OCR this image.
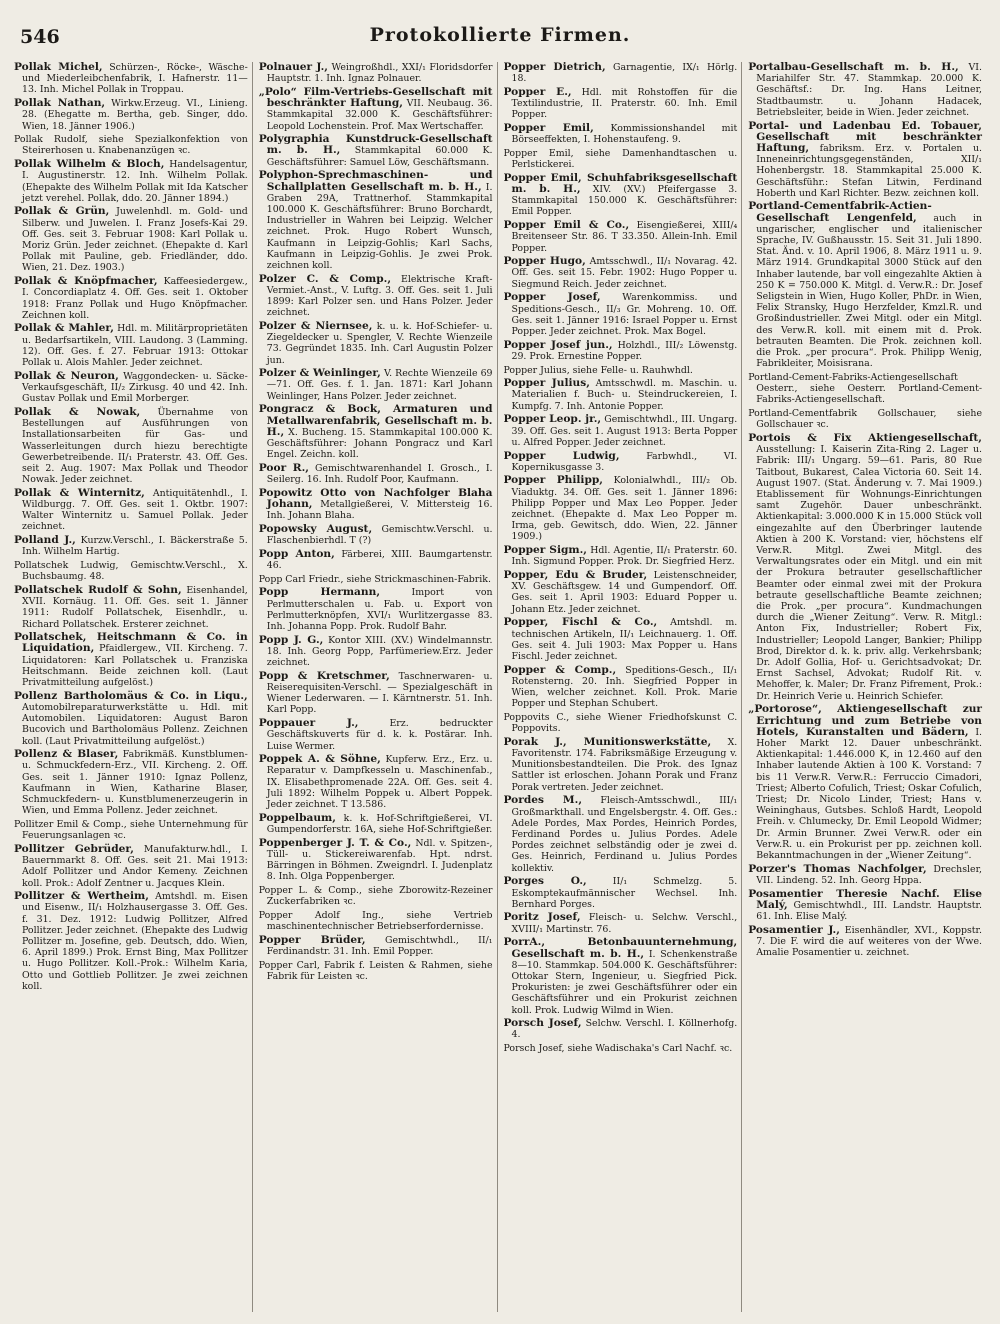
546	Protokollierte Firmen.

Pollak Michel, Schürzen-, Röcke-, Wäsche- und Miederleibchenfabrik, I. Hafnerstr. 11—13. Inh. Michel Pollak in Troppau.

Pollak Nathan, Wirkw.Erzeug. VI., Linieng. 28. (Ehegatte m. Bertha, geb. Singer, ddo. Wien, 18. Jänner 1906.)

Pollak Rudolf, siehe Spezialkonfektion von Steirerhosen u. Knabenanzügen ꝛc.

Pollak Wilhelm & Bloch, Handelsagentur, I. Augustinerstr. 12. Inh. Wilhelm Pollak. (Ehepakte des Wilhelm Pollak mit Ida Katscher jetzt verehel. Pollak, ddo. 20. Jänner 1894.)

Pollak & Grün, Juwelenhdl. m. Gold- und Silberw. und Juwelen. I. Franz Josefs-Kai 29. Off. Ges. seit 3. Februar 1908: Karl Pollak u. Moriz Grün. Jeder zeichnet. (Ehepakte d. Karl Pollak mit Pauline, geb. Friedländer, ddo. Wien, 21. Dez. 1903.)

Pollak & Knöpfmacher, Kaffeesiedergew., I. Concordiaplatz 4. Off. Ges. seit 1. Oktober 1918: Franz Pollak und Hugo Knöpfmacher. Zeichnen koll.

Pollak & Mahler, Hdl. m. Militärproprietäten u. Bedarfsartikeln, VIII. Laudong. 3 (Lamming. 12). Off. Ges. f. 27. Februar 1913: Ottokar Pollak u. Alois Mahler. Jeder zeichnet.

Pollak & Neuron, Waggondecken- u. Säcke-Verkaufsgeschäft, II/₂ Zirkusg. 40 und 42. Inh. Gustav Pollak und Emil Morberger.

Pollak & Nowak, Übernahme von Bestellungen auf Ausführungen von Installationsarbeiten für Gas- und Wasserleitungen durch hiezu berechtigte Gewerbetreibende. II/₁ Praterstr. 43. Off. Ges. seit 2. Aug. 1907: Max Pollak und Theodor Nowak. Jeder zeichnet.

Pollak & Winternitz, Antiquitätenhdl., I. Wildburgg. 7. Off. Ges. seit 1. Oktbr. 1907: Walter Winternitz u. Samuel Pollak. Jeder zeichnet.

Polland J., Kurzw.Verschl., I. Bäckerstraße 5. Inh. Wilhelm Hartig.

Pollatschek Ludwig, Gemischtw.Verschl., X. Buchsbaumg. 48.

Pollatschek Rudolf & Sohn, Eisenhandel, XVII. Kornäug. 11. Off. Ges. seit 1. Jänner 1911: Rudolf Pollatschek, Eisenhdlr., u. Richard Pollatschek. Ersterer zeichnet.

Pollatschek, Heitschmann & Co. in Liquidation, Pfaidlergew., VII. Kircheng. 7. Liquidatoren: Karl Pollatschek u. Franziska Heitschmann. Beide zeichnen koll. (Laut Privatmitteilung aufgelöst.)

Pollenz Bartholomäus & Co. in Liqu., Automobilreparaturwerkstätte u. Hdl. mit Automobilen. Liquidatoren: August Baron Bucovich und Bartholomäus Pollenz. Zeichnen koll. (Laut Privatmitteilung aufgelöst.)

Pollenz & Blaser, Fabrikmäß. Kunstblumen- u. Schmuckfedern-Erz., VII. Kircheng. 2. Off. Ges. seit 1. Jänner 1910: Ignaz Pollenz, Kaufmann in Wien, Katharine Blaser, Schmuckfedern- u. Kunstblumenerzeugerin in Wien, und Emma Pollenz. Jeder zeichnet.

Pollitzer Emil & Comp., siehe Unternehmung für Feuerungsanlagen ꝛc.

Pollitzer Gebrüder, Manufakturw.hdl., I. Bauernmarkt 8. Off. Ges. seit 21. Mai 1913: Adolf Pollitzer und Andor Kemeny. Zeichnen koll. Prok.: Adolf Zentner u. Jacques Klein.

Pollitzer & Wertheim, Amtshdl. m. Eisen und Eisenw., II/₁ Holzhausergasse 3. Off. Ges. f. 31. Dez. 1912: Ludwig Pollitzer, Alfred Pollitzer. Jeder zeichnet. (Ehepakte des Ludwig Pollitzer m. Josefine, geb. Deutsch, ddo. Wien, 6. April 1899.) Prok. Ernst Bing, Max Pollitzer u. Hugo Pollitzer. Koll.-Prok.: Wilhelm Karia, Otto und Gottlieb Pollitzer. Je zwei zeichnen koll.

Polnauer J., Weingroßhdl., XXI/₁ Floridsdorfer Hauptstr. 1. Inh. Ignaz Polnauer.

„Polo“ Film-Vertriebs-Gesellschaft mit beschränkter Haftung, VII. Neubaug. 36. Stammkapital 32.000 K. Geschäftsführer: Leopold Lochenstein. Prof. Max Wertschaffer.

Polygraphia Kunstdruck-Gesellschaft m. b. H., Stammkapital 60.000 K. Geschäftsführer: Samuel Löw, Geschäftsmann.

Polyphon-Sprechmaschinen- und Schallplatten Gesellschaft m. b. H., I. Graben 29A, Trattnerhof. Stammkapital 100.000 K. Geschäftsführer: Bruno Borchardt, Industrieller in Wahren bei Leipzig. Welcher zeichnet. Prok. Hugo Robert Wunsch, Kaufmann in Leipzig-Gohlis; Karl Sachs, Kaufmann in Leipzig-Gohlis. Je zwei Prok. zeichnen koll.

Polzer C. & Comp., Elektrische Kraft-Vermiet.-Anst., V. Luftg. 3. Off. Ges. seit 1. Juli 1899: Karl Polzer sen. und Hans Polzer. Jeder zeichnet.

Polzer & Niernsee, k. u. k. Hof-Schiefer- u. Ziegeldecker u. Spengler, V. Rechte Wienzeile 73. Gegründet 1835. Inh. Carl Augustin Polzer jun.

Polzer & Weinlinger, V. Rechte Wienzeile 69—71. Off. Ges. f. 1. Jan. 1871: Karl Johann Weinlinger, Hans Polzer. Jeder zeichnet.

Pongracz & Bock, Armaturen und Metallwarenfabrik, Gesellschaft m. b. H., X. Bucheng. 15. Stammkapital 100.000 K. Geschäftsführer: Johann Pongracz und Karl Engel. Zeichn. koll.

Poor R., Gemischtwarenhandel I. Grosch., I. Seilerg. 16. Inh. Rudolf Poor, Kaufmann.

Popowitz Otto von Nachfolger Blaha Johann, Metallgießerei, V. Mittersteig 16. Inh. Johann Blaha.

Popowsky August, Gemischtw.Verschl. u. Flaschenbierhdl. T (?)

Popp Anton, Färberei, XIII. Baumgartenstr. 46.

Popp Carl Friedr., siehe Strickmaschinen-Fabrik.

Popp Hermann,	Import von Perlmutterschalen u. Fab. u. Export von Perlmutterknöpfen, XVI/₁ Wurlitzergasse 83. Inh. Johanna Popp. Prok. Rudolf Bahr.

Popp J. G., Kontor XIII. (XV.) Windelmannstr. 18. Inh. Georg Popp, Parfümeriew.Erz. Jeder zeichnet.

Popp & Kretschmer, Taschnerwaren- u. Reiserequisiten-Verschl. — Spezialgeschäft in Wiener Lederwaren. — I. Kärntnerstr. 51. Inh. Karl Popp.

Poppauer J.,	Erz. bedruckter Geschäftskuverts für d. k. k. Postärar. Inh. Luise Wermer.

Poppek A. & Söhne, Kupferw. Erz., Erz. u. Reparatur v. Dampfkesseln u. Maschinenfab., IX. Elisabethpromenade 22A. Off. Ges. seit 4. Juli 1892: Wilhelm Poppek u. Albert Poppek. Jeder zeichnet. T 13.586.

Poppelbaum, k. k. Hof-Schriftgießerei, VI. Gumpendorferstr. 16A, siehe Hof-Schriftgießer.

Poppenberger J. T. & Co., Ndl. v. Spitzen-, Tüll- u. Stickereiwarenfab. Hpt. ndrst. Bärringen in Böhmen. Zweigndrl. I. Judenplatz 8. Inh. Olga Poppenberger.

Popper L. & Comp., siehe Zborowitz-Rezeiner Zuckerfabriken ꝛc.

Popper Adolf Ing., siehe Vertrieb maschinentechnischer Betriebserfordernisse.

Popper Brüder, Gemischtwhdl., II/₁ Ferdinandstr. 31. Inh. Emil Popper.

Popper Carl, Fabrik f. Leisten & Rahmen, siehe Fabrik für Leisten ꝛc.

Popper Dietrich, Garnagentie, IX/₁ Hörlg. 18.

Popper E., Hdl. mit Rohstoffen für die Textilindustrie, II. Praterstr. 60. Inh. Emil Popper.

Popper Emil, Kommissionshandel mit Börseeffekten, I. Hohenstaufeng. 9.

Popper Emil, siehe Damenhandtaschen u. Perlstickerei.

Popper Emil, Schuhfabriksgesellschaft m. b. H., XIV. (XV.) Pfeifergasse 3. Stammkapital 150.000 K. Geschäftsführer: Emil Popper.

Popper Emil & Co., Eisengießerei, XIII/₄ Breitenseer Str. 86. T 33.350. Allein-Inh. Emil Popper.

Popper Hugo, Amtsschwdl., II/₁ Novarag. 42. Off. Ges. seit 15. Febr. 1902: Hugo Popper u. Siegmund Reich. Jeder zeichnet.

Popper Josef, Warenkommiss. und Speditions-Gesch., II/₃ Gr. Mohreng. 10. Off. Ges. seit 1. Jänner 1916: Israel Popper u. Ernst Popper. Jeder zeichnet. Prok. Max Bogel.

Popper Josef jun., Holzhdl., III/₂ Löwenstg. 29. Prok. Ernestine Popper.

Popper Julius, siehe Felle- u. Rauhwhdl.

Popper Julius, Amtsschwdl. m. Maschin. u. Materialien f. Buch- u. Steindruckereien, I. Kumpfg. 7. Inh. Antonie Popper.

Popper Leop. jr., Gemischtwhdl., III. Ungarg. 39. Off. Ges. seit 1. August 1913: Berta Popper u. Alfred Popper. Jeder zeichnet.

Popper Ludwig,	Farbwhdl., VI. Kopernikusgasse 3.

Popper Philipp, Kolonialwhdl., III/₂ Ob. Viaduktg. 34. Off. Ges. seit 1. Jänner 1896: Philipp Popper und Max Leo Popper. Jeder zeichnet. (Ehepakte d. Max Leo Popper m. Irma, geb. Gewitsch, ddo. Wien, 22. Jänner 1909.)

Popper Sigm., Hdl. Agentie, II/₁ Praterstr. 60. Inh. Sigmund Popper. Prok. Dr. Siegfried Herz.

Popper, Edu & Bruder, Leistenschneider, XV. Geschäftsgew. 14 und Gumpendorf. Off. Ges. seit 1. April 1903: Eduard Popper u. Johann Etz. Jeder zeichnet.

Popper, Fischl & Co., Amtshdl. m. technischen Artikeln, II/₁ Leichnauerg. 1. Off. Ges. seit 4. Juli 1903: Max Popper u. Hans Fischl. Jeder zeichnet.

Popper & Comp., Speditions-Gesch., II/₁ Rotensterng. 20. Inh. Siegfried Popper in Wien, welcher zeichnet. Koll. Prok. Marie Popper und Stephan Schubert.

Poppovits C., siehe Wiener Friedhofskunst C. Poppovits.

Porak J., Munitionswerkstätte, X. Favoritenstr. 174. Fabriksmäßige Erzeugung v. Munitionsbestandteilen. Die Prok. des Ignaz Sattler ist erloschen. Johann Porak und Franz Porak vertreten. Jeder zeichnet.

Pordes M., Fleisch-Amtsschwdl., III/₁ Großmarkthall. und Engelsbergstr. 4. Off. Ges.: Adele Pordes, Max Pordes, Heinrich Pordes, Ferdinand Pordes u. Julius Pordes. Adele Pordes zeichnet selbständig oder je zwei d. Ges. Heinrich, Ferdinand u. Julius Pordes kollektiv.

Porges O.,	II/₁ Schmelzg. 5. Eskomptekaufmännischer Wechsel. Inh. Bernhard Porges.

Poritz Josef, Fleisch- u. Selchw. Verschl., XVIII/₁ Martinstr. 76.

PorrA., Betonbauunternehmung, Gesellschaft m. b. H., I. Schenkenstraße 8—10. Stammkap. 504.000 K. Geschäftsführer: Ottokar Stern, Ingenieur, u. Siegfried Pick. Prokuristen: je zwei Geschäftsführer oder ein Geschäftsführer und ein Prokurist zeichnen koll. Prok. Ludwig Wilmd in Wien.

Porsch Josef, Selchw. Verschl. I. Köllnerhofg. 4.

Porsch Josef, siehe Wadischaka's Carl Nachf. ꝛc.

Portalbau-Gesellschaft m. b. H., VI. Mariahilfer Str. 47. Stammkap. 20.000 K. Geschäftsf.: Dr. Ing. Hans Leitner, Stadtbaumstr. u. Johann Hadacek, Betriebsleiter, beide in Wien. Jeder zeichnet.

Portal- und Ladenbau Ed. Tobauer, Gesellschaft mit beschränkter Haftung, fabriksm. Erz. v. Portalen u. Inneneinrichtungsgegenständen, XII/₁ Hohenbergstr. 18. Stammkapital 25.000 K. Geschäftsführ.: Stefan Litwin, Ferdinand Hoberth und Karl Richter. Bezw. zeichnen koll.

Portland-Cementfabrik-Actien-Gesellschaft Lengenfeld, auch in ungarischer, englischer und italienischer Sprache, IV. Gußhausstr. 15. Seit 31. Juli 1890. Stat. Änd. v. 10. April 1906, 8. März 1911 u. 9. März 1914. Grundkapital 3000 Stück auf den Inhaber lautende, bar voll eingezahlte Aktien à 250 K = 750.000 K. Mitgl. d. Verw.R.: Dr. Josef Seligstein in Wien, Hugo Koller, PhDr. in Wien, Felix Stransky, Hugo Herzfelder, Kmzl.R. und Großindustrieller. Zwei Mitgl. oder ein Mitgl. des Verw.R. koll. mit einem mit d. Prok. betrauten Beamten. Die Prok. zeichnen koll. die Prok. „per procura“. Prok. Philipp Wenig, Fabrikleiter, Moisisrana.

Portland-Cement-Fabriks-Actiengesellschaft Oesterr., siehe Oesterr. Portland-Cement-Fabriks-Actiengesellschaft.

Portland-Cementfabrik Gollschauer, siehe Gollschauer ꝛc.

Portois & Fix Aktiengesellschaft, Ausstellung: I. Kaiserin Zita-Ring 2. Lager u. Fabrik: III/₁ Ungarg. 59—61. Paris, 80 Rue Taitbout, Bukarest, Calea Victoria 60. Seit 14. August 1907. (Stat. Änderung v. 7. Mai 1909.) Etablissement für Wohnungs-Einrichtungen samt Zugehör. Dauer unbeschränkt. Aktienkapital: 3.000.000 K in 15.000 Stück voll eingezahlte auf den Überbringer lautende Aktien à 200 K. Vorstand: vier, höchstens elf Verw.R. Mitgl. Zwei Mitgl. des Verwaltungsrates oder ein Mitgl. und ein mit der Prokura betrauter gesellschaftlicher Beamter oder einmal zwei mit der Prokura betraute gesellschaftliche Beamte zeichnen; die Prok. „per procura“. Kundmachungen durch die „Wiener Zeitung“. Verw. R. Mitgl.: Anton Fix, Industrieller; Robert Fix, Industrieller; Leopold Langer, Bankier; Philipp Brod, Direktor d. k. k. priv. allg. Verkehrsbank; Dr. Adolf Gollia, Hof- u. Gerichtsadvokat; Dr. Ernst Sachsel, Advokat; Rudolf Rit. v. Mehoffer, k. Maler; Dr. Franz Pifrement, Prok.: Dr. Heinrich Verie u. Heinrich Schiefer.

„Portorose“, Aktiengesellschaft zur Errichtung und zum Betriebe von Hotels, Kuranstalten und Bädern, I. Hoher Markt 12. Dauer unbeschränkt. Aktienkapital: 1.446.000 K, in 12.460 auf den Inhaber lautende Aktien à 100 K. Vorstand: 7 bis 11 Verw.R. Verw.R.: Ferruccio Cimadori, Triest; Alberto Cofulich, Triest; Oskar Cofulich, Triest; Dr. Nicolo Linder, Triest; Hans v. Weininghaus, Gutsbes. Schloß Hardt, Leopold Freih. v. Chlumecky, Dr. Emil Leopold Widmer; Dr. Armin Brunner. Zwei Verw.R. oder ein Verw.R. u. ein Prokurist per pp. zeichnen koll. Bekanntmachungen in der „Wiener Zeitung“.

Porzer's Thomas Nachfolger, Drechsler, VII. Lindeng. 52. Inh. Georg Hppa.

Posamentier Theresie Nachf. Elise Malý, Gemischtwhdl., III. Landstr. Hauptstr. 61. Inh. Elise Malý.

Posamentier J., Eisenhändler, XVI., Koppstr. 7. Die F. wird die auf weiteres von der Wwe. Amalie Posamentier u. zeichnet.
